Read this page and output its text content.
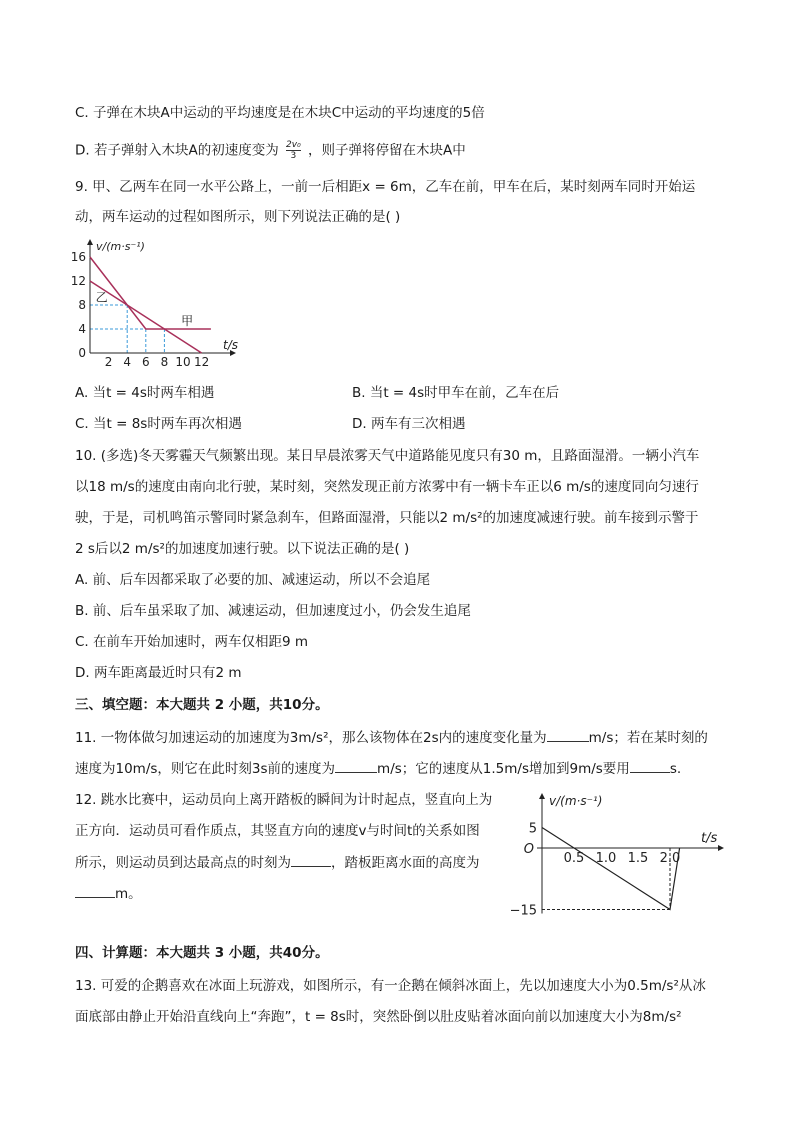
C. 子弹在木块A中运动的平均速度是在木块C中运动的平均速度的5倍
D. 若子弹射入木块A的初速度变为 $\frac{\text{2v₀}}{3}$ ，则子弹将停留在木块A中
9. 甲、乙两车在同一水平公路上，一前一后相距x = 6m，乙车在前，甲车在后，某时刻两车同时开始运
动，两车运动的过程如图所示，则下列说法正确的是( )
2 4 6 8 10 12
0
4
8
12
16
v/(m·s⁻¹)
t/s
甲
乙
A. 当t = 4s时两车相遇	B. 当t = 4s时甲车在前，乙车在后
C. 当t = 8s时两车再次相遇	D. 两车有三次相遇
10. (多选)冬天雾霾天气频繁出现。某日早晨浓雾天气中道路能见度只有30 m，且路面湿滑。一辆小汽车
以18 m/s的速度由南向北行驶，某时刻，突然发现正前方浓雾中有一辆卡车正以6 m/s的速度同向匀速行
驶，于是，司机鸣笛示警同时紧急刹车，但路面湿滑，只能以2 m/s²的加速度减速行驶。前车接到示警于
2 s后以2 m/s²的加速度加速行驶。以下说法正确的是( )
A. 前、后车因都采取了必要的加、减速运动，所以不会追尾
B. 前、后车虽采取了加、减速运动，但加速度过小，仍会发生追尾
C. 在前车开始加速时，两车仅相距9 m
D. 两车距离最近时只有2 m
三、填空题：本大题共 2 小题，共10分。
11. 一物体做匀加速运动的加速度为3m/s²，那么该物体在2s内的速度变化量为	m/s；若在某时刻的
速度为10m/s，则它在此时刻3s前的速度为	m/s；它的速度从1.5m/s增加到9m/s要用	s.
12. 跳水比赛中，运动员向上离开踏板的瞬间为计时起点，竖直向上为
正方向．运动员可看作质点，其竖直方向的速度v与时间t的关系如图
所示，则运动员到达最高点的时刻为	，踏板距离水面的高度为
m。
0.5 1.0 1.5 2.0
5
−15
O
v/(m·s⁻¹)
t/s
四、计算题：本大题共 3 小题，共40分。
13. 可爱的企鹅喜欢在冰面上玩游戏，如图所示，有一企鹅在倾斜冰面上，先以加速度大小为0.5m/s²从冰
面底部由静止开始沿直线向上“奔跑”，t = 8s时，突然卧倒以肚皮贴着冰面向前以加速度大小为8m/s²
